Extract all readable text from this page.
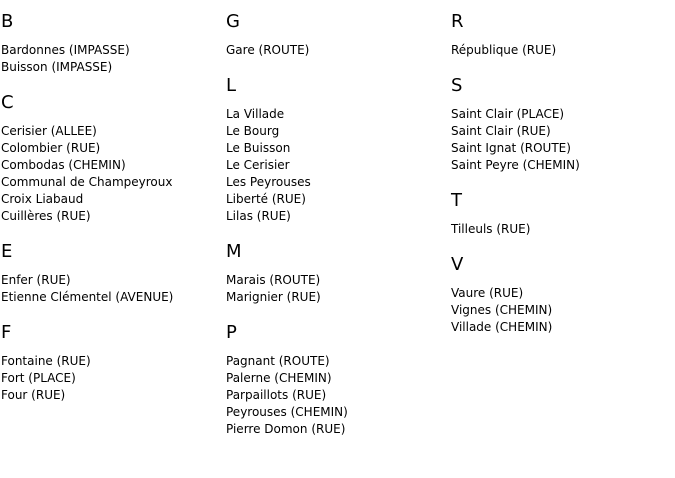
B
Bardonnes (IMPASSE)
Buisson (IMPASSE)
C
Cerisier (ALLEE)
Colombier (RUE)
Combodas (CHEMIN)
Communal de Champeyroux
Croix Liabaud
Cuillères (RUE)
E
Enfer (RUE)
Etienne Clémentel (AVENUE)
F
Fontaine (RUE)
Fort (PLACE)
Four (RUE)
G
Gare (ROUTE)
L
La Villade
Le Bourg
Le Buisson
Le Cerisier
Les Peyrouses
Liberté (RUE)
Lilas (RUE)
M
Marais (ROUTE)
Marignier (RUE)
P
Pagnant (ROUTE)
Palerne (CHEMIN)
Parpaillots (RUE)
Peyrouses (CHEMIN)
Pierre Domon (RUE)
R
République (RUE)
S
Saint Clair (PLACE)
Saint Clair (RUE)
Saint Ignat (ROUTE)
Saint Peyre (CHEMIN)
T
Tilleuls (RUE)
V
Vaure (RUE)
Vignes (CHEMIN)
Villade (CHEMIN)
